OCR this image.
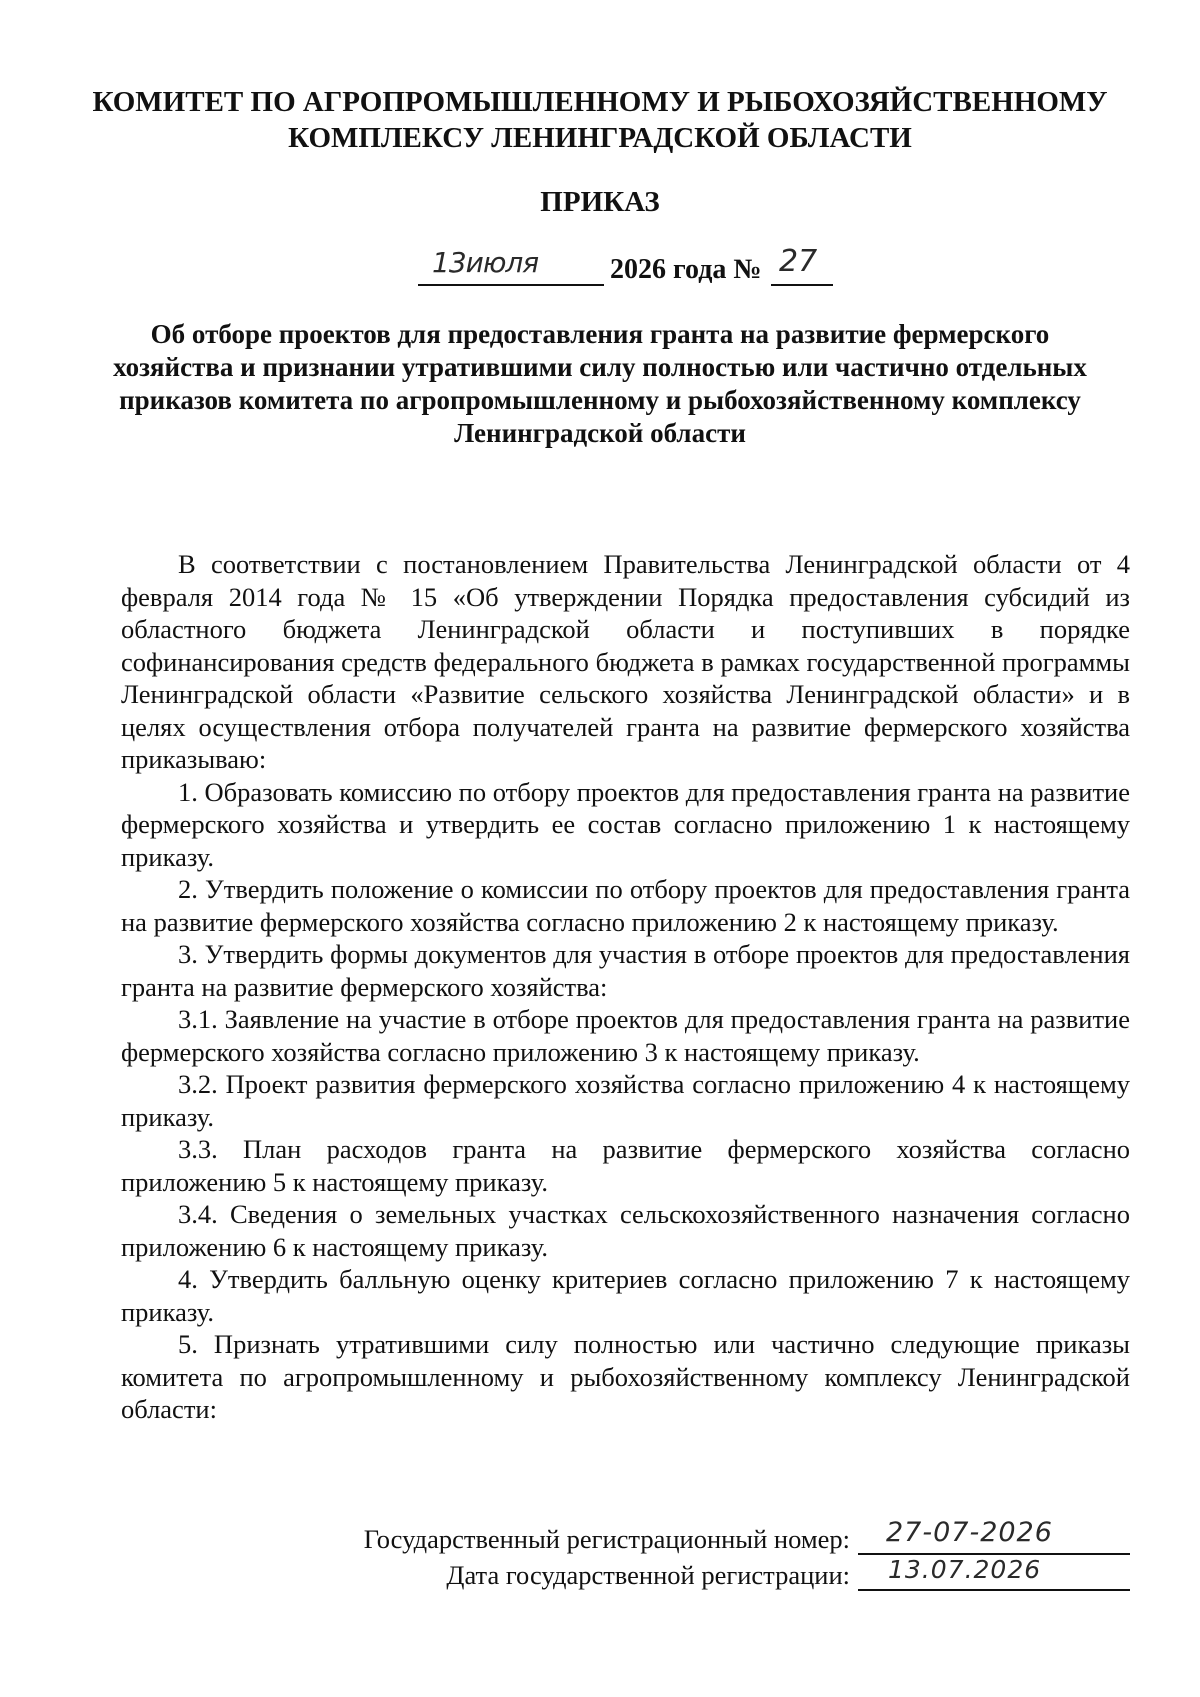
КОМИТЕТ ПО АГРОПРОМЫШЛЕННОМУ И РЫБОХОЗЯЙСТВЕННОМУ
КОМПЛЕКСУ ЛЕНИНГРАДСКОЙ ОБЛАСТИ
ПРИКАЗ
13июля	2026 года № 27
Об отборе проектов для предоставления гранта на развитие фермерского хозяйства и признании утратившими силу полностью или частично отдельных приказов комитета по агропромышленному и рыбохозяйственному комплексу Ленинградской области

В соответствии с постановлением Правительства Ленинградской области от 4 февраля 2014 года № 15 «Об утверждении Порядка предоставления субсидий из областного бюджета Ленинградской области и поступивших в порядке софинансирования средств федерального бюджета в рамках государственной программы Ленинградской области «Развитие сельского хозяйства Ленинградской области» и в целях осуществления отбора получателей гранта на развитие фермерского хозяйства приказываю:

1. Образовать комиссию по отбору проектов для предоставления гранта на развитие фермерского хозяйства и утвердить ее состав согласно приложению 1 к настоящему приказу.

2. Утвердить положение о комиссии по отбору проектов для предоставления гранта на развитие фермерского хозяйства согласно приложению 2 к настоящему приказу.

3. Утвердить формы документов для участия в отборе проектов для предоставления гранта на развитие фермерского хозяйства:

3.1. Заявление на участие в отборе проектов для предоставления гранта на развитие фермерского хозяйства согласно приложению 3 к настоящему приказу.

3.2. Проект развития фермерского хозяйства согласно приложению 4 к настоящему приказу.

3.3. План расходов гранта на развитие фермерского хозяйства согласно приложению 5 к настоящему приказу.

3.4. Сведения о земельных участках сельскохозяйственного назначения согласно приложению 6 к настоящему приказу.

4. Утвердить балльную оценку критериев согласно приложению 7 к настоящему приказу.

5. Признать утратившими силу полностью или частично следующие приказы комитета по агропромышленному и рыбохозяйственному комплексу Ленинградской области:

Государственный регистрационный номер: 27-07-2026
Дата государственной регистрации: 13.07.2026
